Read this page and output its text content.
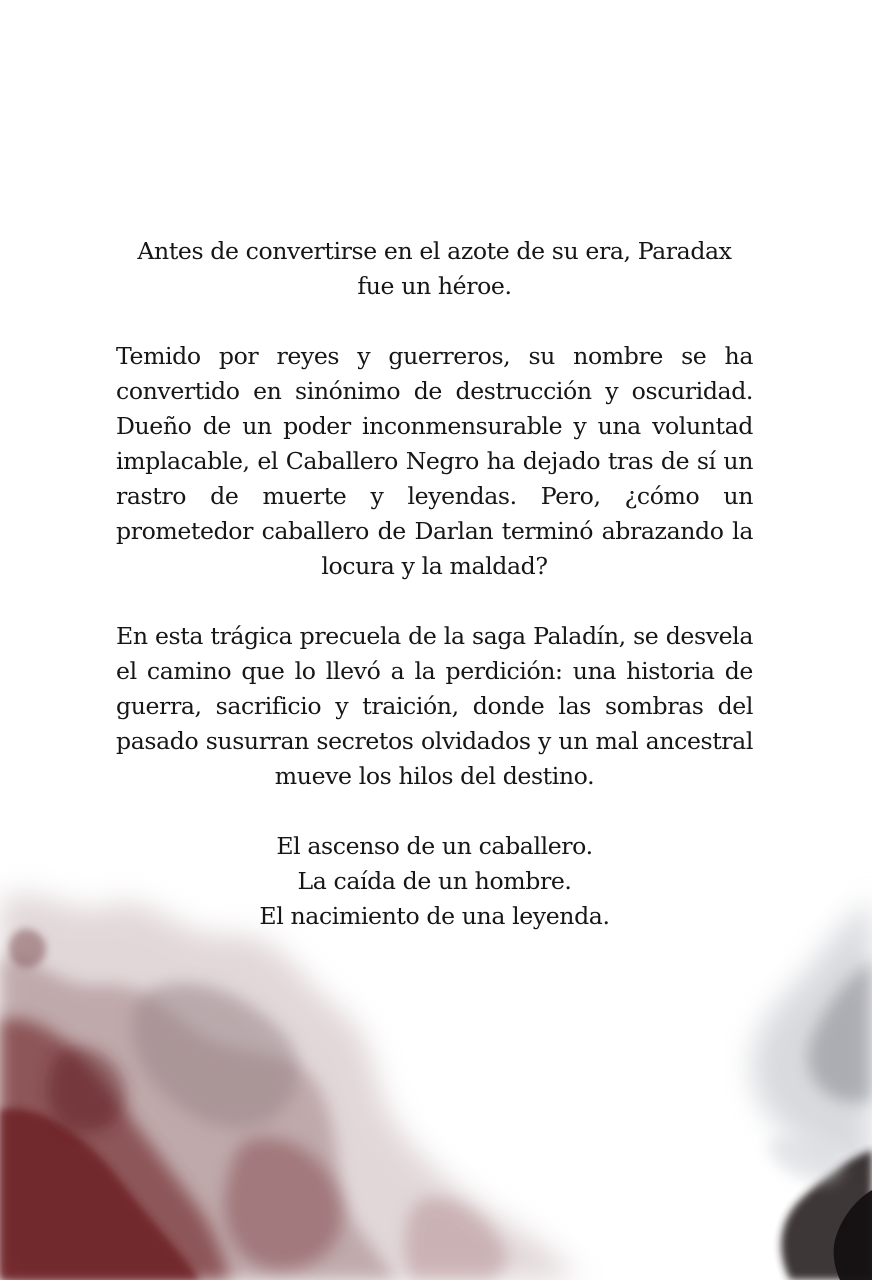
Antes de convertirse en el azote de su era, Paradax fue un héroe.

Temido por reyes y guerreros, su nombre se ha convertido en sinónimo de destrucción y oscuridad. Dueño de un poder inconmensurable y una voluntad implacable, el Caballero Negro ha dejado tras de sí un rastro de muerte y leyendas. Pero, ¿cómo un prometedor caballero de Darlan terminó abrazando la locura y la maldad?

En esta trágica precuela de la saga Paladín, se desvela el camino que lo llevó a la perdición: una historia de guerra, sacrificio y traición, donde las sombras del pasado susurran secretos olvidados y un mal ancestral mueve los hilos del destino.

El ascenso de un caballero.
La caída de un hombre.
El nacimiento de una leyenda.
